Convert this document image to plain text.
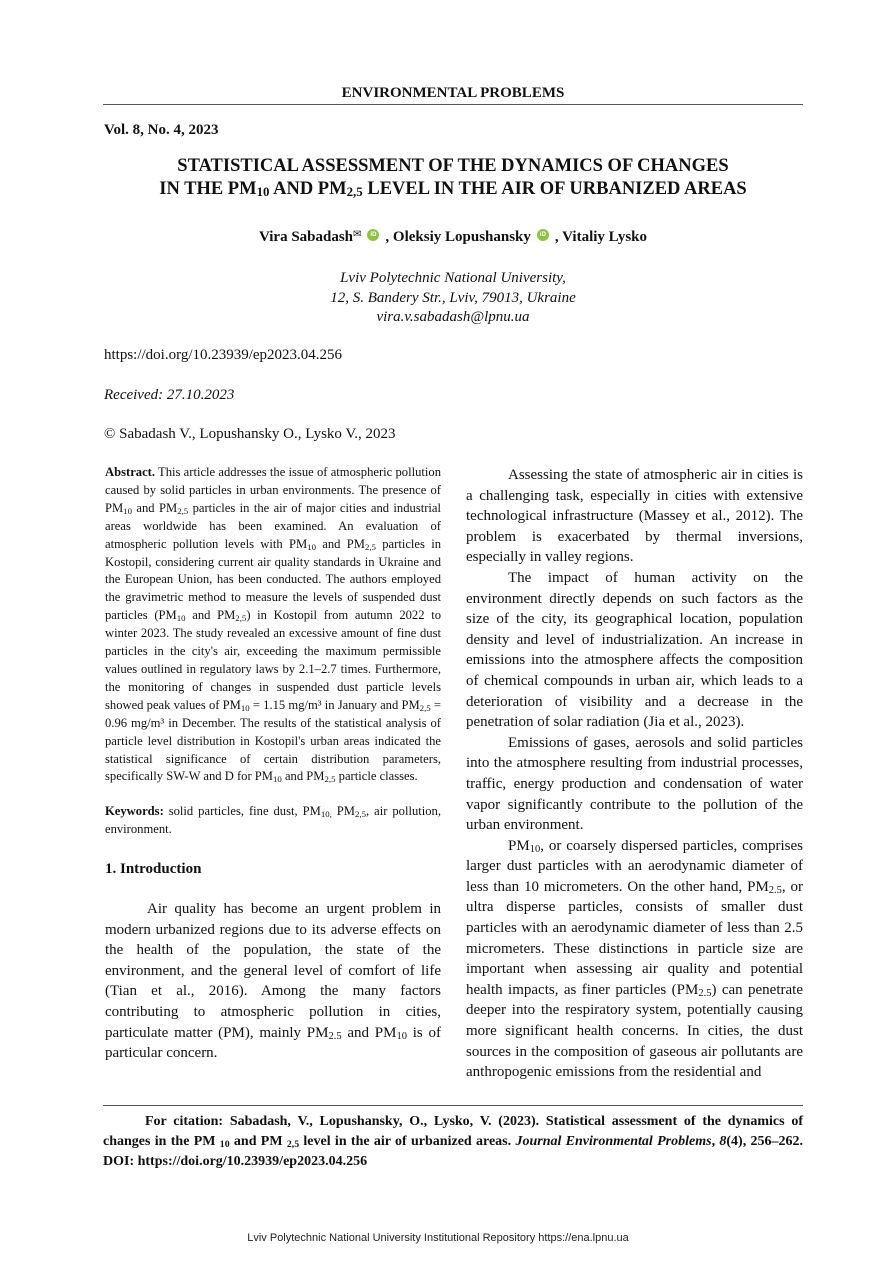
ENVIRONMENTAL PROBLEMS
Vol. 8, No. 4, 2023
STATISTICAL ASSESSMENT OF THE DYNAMICS OF CHANGES
IN THE $PM_{10}$ AND $PM_{2,5}$ LEVEL IN THE AIR OF URBANIZED AREAS
Vira Sabadash✉ iD , Oleksiy Lopushansky iD , Vitaliy Lysko
Lviv Polytechnic National University,
12, S. Bandery Str., Lviv, 79013, Ukraine
vira.v.sabadash@lpnu.ua
https://doi.org/10.23939/ep2023.04.256
Received: 27.10.2023
© Sabadash V., Lopushansky O., Lysko V., 2023

Abstract. This article addresses the issue of atmospheric pollution caused by solid particles in urban environments. The presence of $PM_{10}$ and $PM_{2,5}$ particles in the air of major cities and industrial areas worldwide has been examined. An evaluation of atmospheric pollution levels with $PM_{10}$ and $PM_{2,5}$ particles in Kostopil, considering current air quality standards in Ukraine and the European Union, has been conducted. The authors employed the gravimetric method to measure the levels of suspended dust particles ($PM_{10}$ and $PM_{2,5}$) in Kostopil from autumn 2022 to winter 2023. The study revealed an excessive amount of fine dust particles in the city's air, exceeding the maximum permissible values outlined in regulatory laws by 2.1–2.7 times. Furthermore, the monitoring of changes in suspended dust particle levels showed peak values of $PM_{10} = 1.15$ mg/m³ in January and $PM_{2,5} = 0.96$ mg/m³ in December. The results of the statistical analysis of particle level distribution in Kostopil's urban areas indicated the statistical significance of certain distribution parameters, specifically SW-W and D for $PM_{10}$ and $PM_{2,5}$ particle classes.

Keywords: solid particles, fine dust, $PM_{10,}$ $PM_{2,5}$, air pollution, environment.

1. Introduction
Air quality has become an urgent problem in modern urbanized regions due to its adverse effects on the health of the population, the state of the environment, and the general level of comfort of life (Tian et al., 2016). Among the many factors contributing to atmospheric pollution in cities, particulate matter (PM), mainly $PM_{2.5}$ and $PM_{10}$ is of particular concern.

Assessing the state of atmospheric air in cities is a challenging task, especially in cities with extensive technological infrastructure (Massey et al., 2012). The problem is exacerbated by thermal inversions, especially in valley regions.

The impact of human activity on the environment directly depends on such factors as the size of the city, its geographical location, population density and level of industrialization. An increase in emissions into the atmosphere affects the composition of chemical compounds in urban air, which leads to a deterioration of visibility and a decrease in the penetration of solar radiation (Jia et al., 2023).

Emissions of gases, aerosols and solid particles into the atmosphere resulting from industrial processes, traffic, energy production and condensation of water vapor significantly contribute to the pollution of the urban environment.

$PM_{10}$, or coarsely dispersed particles, comprises larger dust particles with an aerodynamic diameter of less than 10 micrometers. On the other hand, $PM_{2.5}$, or ultra disperse particles, consists of smaller dust particles with an aerodynamic diameter of less than 2.5 micrometers. These distinctions in particle size are important when assessing air quality and potential health impacts, as finer particles $(PM_{2.5})$ can penetrate deeper into the respiratory system, potentially causing more significant health concerns. In cities, the dust sources in the composition of gaseous air pollutants are anthropogenic emissions from the residential and

For citation: Sabadash, V., Lopushansky, O., Lysko, V. (2023). Statistical assessment of the dynamics of changes in the PM $_{10}$ and PM $_{2,5}$ level in the air of urbanized areas. Journal Environmental Problems, 8(4), 256–262. DOI: https://doi.org/10.23939/ep2023.04.256
Lviv Polytechnic National University Institutional Repository https://ena.lpnu.ua
